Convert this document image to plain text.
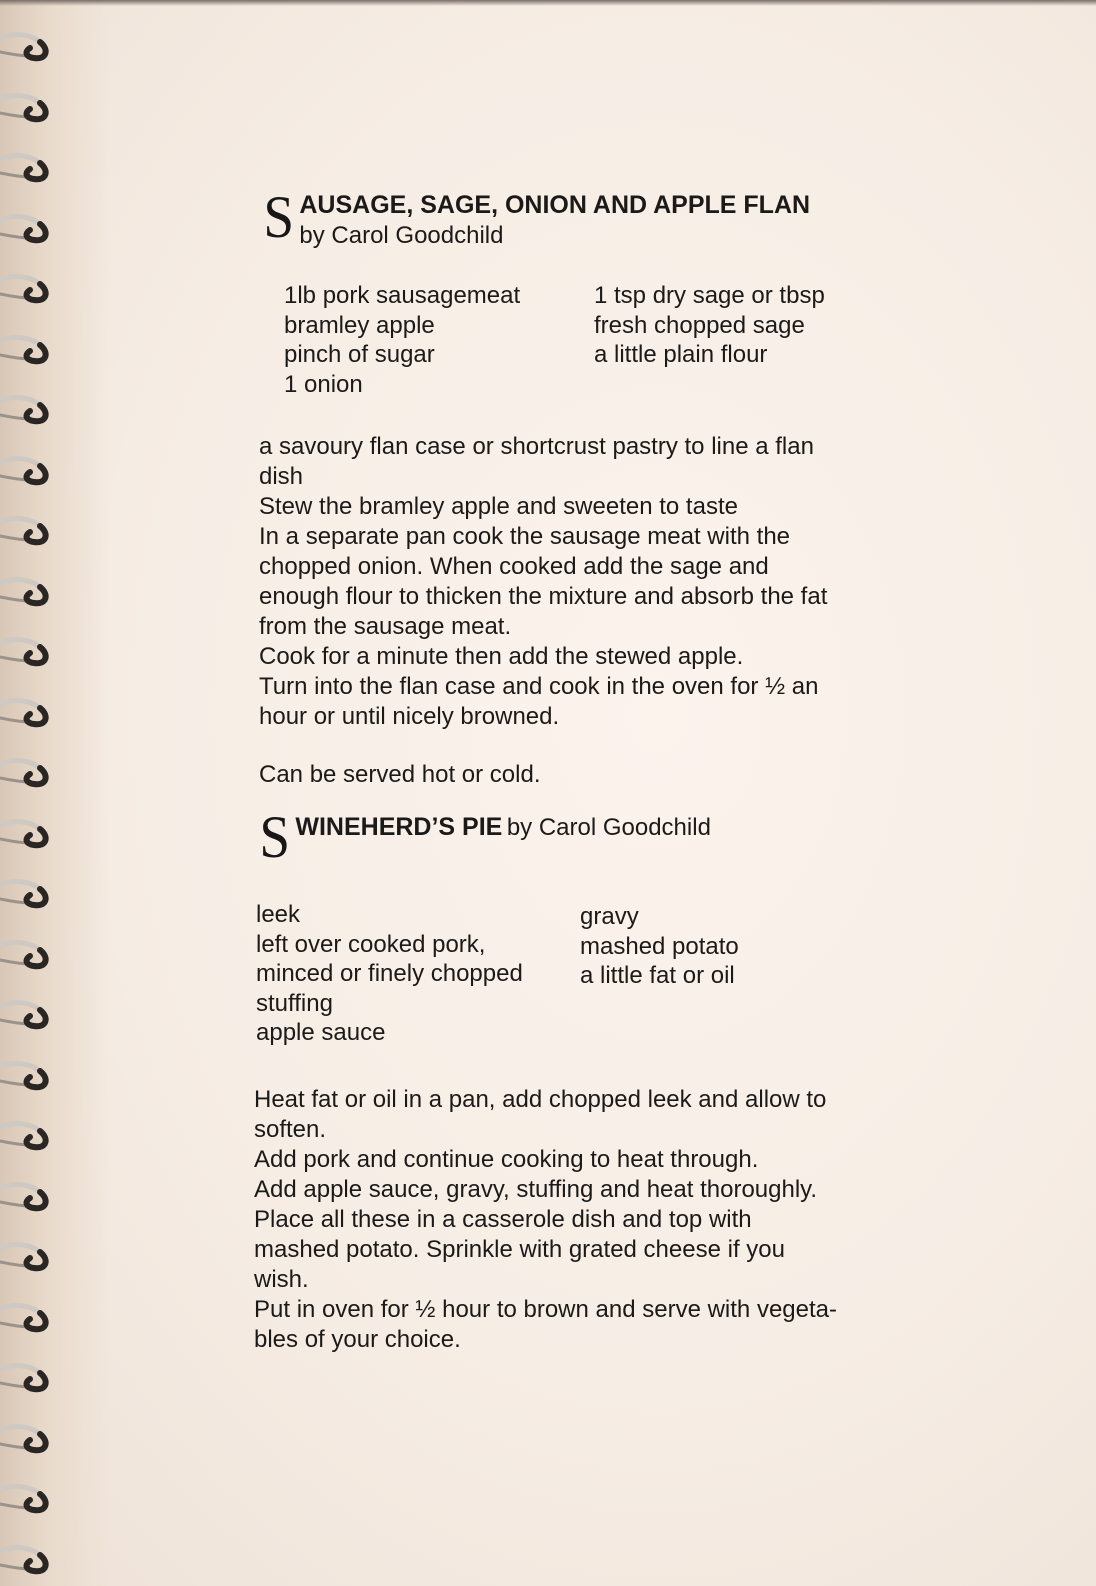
S AUSAGE, SAGE, ONION AND APPLE FLAN
by Carol Goodchild
1lb pork sausagemeat
bramley apple
pinch of sugar
1 onion
1 tsp dry sage or tbsp
fresh chopped sage
a little plain flour
a savoury flan case or shortcrust pastry to line a flan
dish
Stew the bramley apple and sweeten to taste
In a separate pan cook the sausage meat with the
chopped onion. When cooked add the sage and
enough flour to thicken the mixture and absorb the fat
from the sausage meat.
Cook for a minute then add the stewed apple.
Turn into the flan case and cook in the oven for ½ an
hour or until nicely browned.
Can be served hot or cold.
S WINEHERD’S PIE by Carol Goodchild
leek
left over cooked pork,
minced or finely chopped
stuffing
apple sauce
gravy
mashed potato
a little fat or oil
Heat fat or oil in a pan, add chopped leek and allow to
soften.
Add pork and continue cooking to heat through.
Add apple sauce, gravy, stuffing and heat thoroughly.
Place all these in a casserole dish and top with
mashed potato. Sprinkle with grated cheese if you
wish.
Put in oven for ½ hour to brown and serve with vegeta-
bles of your choice.
